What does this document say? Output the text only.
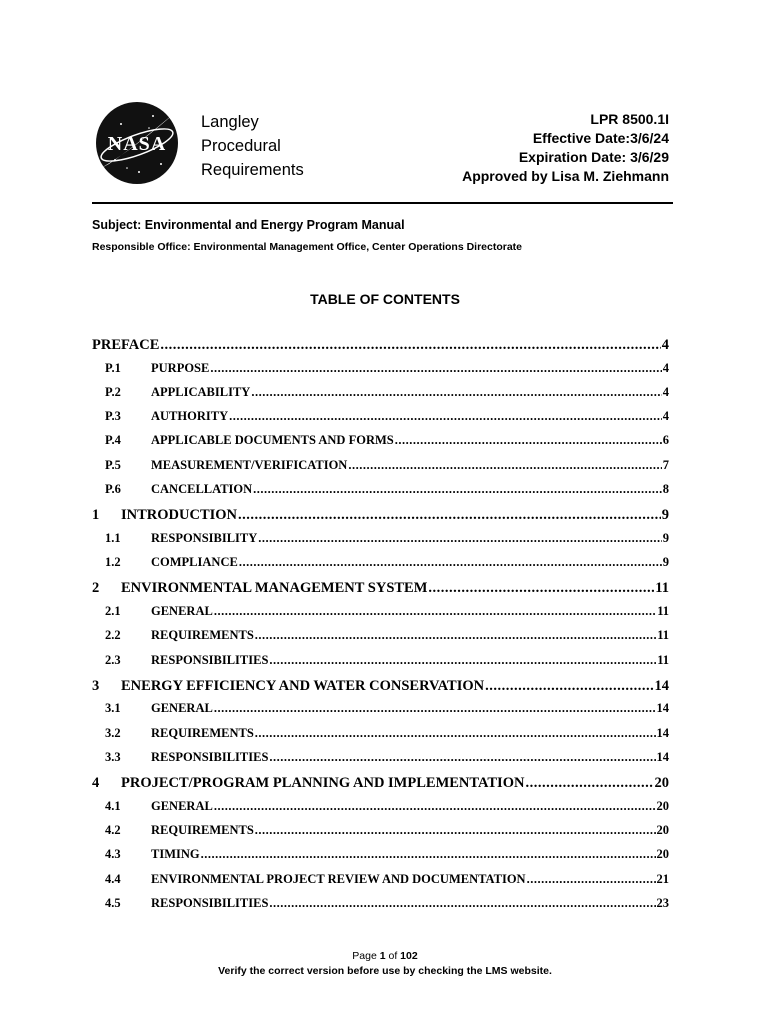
NASA
Langley
Procedural
Requirements
LPR 8500.1I
Effective Date:3/6/24
Expiration Date: 3/6/29
Approved by Lisa M. Ziehmann
Subject: Environmental and Energy Program Manual
Responsible Office: Environmental Management Office, Center Operations Directorate
TABLE OF CONTENTS
PREFACE .....	4
P.1	PURPOSE .....	4
P.2	APPLICABILITY .....	4
P.3	AUTHORITY .....	4
P.4	APPLICABLE DOCUMENTS AND FORMS .....	6
P.5	MEASUREMENT/VERIFICATION .....	7
P.6	CANCELLATION .....	8
1	INTRODUCTION .....	9
1.1	RESPONSIBILITY .....	9
1.2	COMPLIANCE .....	9
2	ENVIRONMENTAL MANAGEMENT SYSTEM .....	11
2.1	GENERAL .....	11
2.2	REQUIREMENTS .....	11
2.3	RESPONSIBILITIES .....	11
3	ENERGY EFFICIENCY AND WATER CONSERVATION .....	14
3.1	GENERAL .....	14
3.2	REQUIREMENTS .....	14
3.3	RESPONSIBILITIES .....	14
4	PROJECT/PROGRAM PLANNING AND IMPLEMENTATION .....	20
4.1	GENERAL .....	20
4.2	REQUIREMENTS .....	20
4.3	TIMING .....	20
4.4	ENVIRONMENTAL PROJECT REVIEW AND DOCUMENTATION .....	21
4.5	RESPONSIBILITIES .....	23
Page 1 of 102
Verify the correct version before use by checking the LMS website.
